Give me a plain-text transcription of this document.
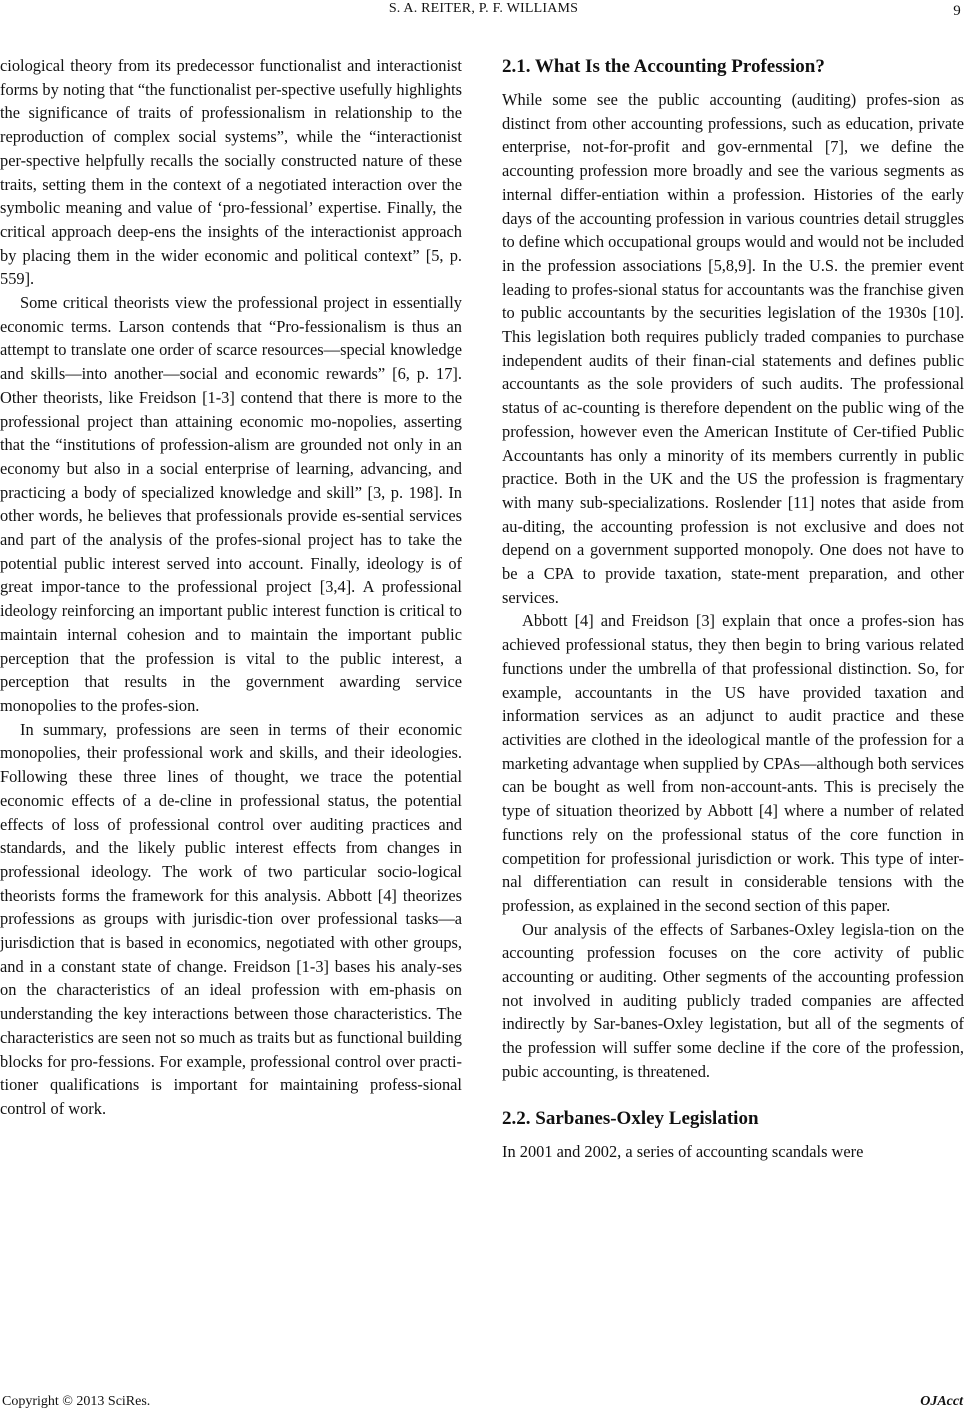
S. A. REITER, P. F. WILLIAMS	9

ciological theory from its predecessor functionalist and interactionist forms by noting that “the functionalist per-spective usefully highlights the significance of traits of professionalism in relationship to the reproduction of complex social systems”, while the “interactionist per-spective helpfully recalls the socially constructed nature of these traits, setting them in the context of a negotiated interaction over the symbolic meaning and value of ‘pro-fessional’ expertise. Finally, the critical approach deep-ens the insights of the interactionist approach by placing them in the wider economic and political context” [5, p. 559].

Some critical theorists view the professional project in essentially economic terms. Larson contends that “Pro-fessionalism is thus an attempt to translate one order of scarce resources—special knowledge and skills—into another—social and economic rewards” [6, p. 17]. Other theorists, like Freidson [1-3] contend that there is more to the professional project than attaining economic mo-nopolies, asserting that the “institutions of profession-alism are grounded not only in an economy but also in a social enterprise of learning, advancing, and practicing a body of specialized knowledge and skill” [3, p. 198]. In other words, he believes that professionals provide es-sential services and part of the analysis of the profes-sional project has to take the potential public interest served into account. Finally, ideology is of great impor-tance to the professional project [3,4]. A professional ideology reinforcing an important public interest function is critical to maintain internal cohesion and to maintain the important public perception that the profession is vital to the public interest, a perception that results in the government awarding service monopolies to the profes-sion.

In summary, professions are seen in terms of their economic monopolies, their professional work and skills, and their ideologies. Following these three lines of thought, we trace the potential economic effects of a de-cline in professional status, the potential effects of loss of professional control over auditing practices and standards, and the likely public interest effects from changes in professional ideology. The work of two particular socio-logical theorists forms the framework for this analysis. Abbott [4] theorizes professions as groups with jurisdic-tion over professional tasks—a jurisdiction that is based in economics, negotiated with other groups, and in a constant state of change. Freidson [1-3] bases his analy-ses on the characteristics of an ideal profession with em-phasis on understanding the key interactions between those characteristics. The characteristics are seen not so much as traits but as functional building blocks for pro-fessions. For example, professional control over practi-tioner qualifications is important for maintaining profess-sional control of work.

2.1. What Is the Accounting Profession?

While some see the public accounting (auditing) profes-sion as distinct from other accounting professions, such as education, private enterprise, not-for-profit and gov-ernmental [7], we define the accounting profession more broadly and see the various segments as internal differ-entiation within a profession. Histories of the early days of the accounting profession in various countries detail struggles to define which occupational groups would and would not be included in the profession associations [5,8,9]. In the U.S. the premier event leading to profes-sional status for accountants was the franchise given to public accountants by the securities legislation of the 1930s [10]. This legislation both requires publicly traded companies to purchase independent audits of their finan-cial statements and defines public accountants as the sole providers of such audits. The professional status of ac-counting is therefore dependent on the public wing of the profession, however even the American Institute of Cer-tified Public Accountants has only a minority of its members currently in public practice. Both in the UK and the US the profession is fragmentary with many sub-specializations. Roslender [11] notes that aside from au-diting, the accounting profession is not exclusive and does not depend on a government supported monopoly. One does not have to be a CPA to provide taxation, state-ment preparation, and other services.

Abbott [4] and Freidson [3] explain that once a profes-sion has achieved professional status, they then begin to bring various related functions under the umbrella of that professional distinction. So, for example, accountants in the US have provided taxation and information services as an adjunct to audit practice and these activities are clothed in the ideological mantle of the profession for a marketing advantage when supplied by CPAs—although both services can be bought as well from non-account-ants. This is precisely the type of situation theorized by Abbott [4] where a number of related functions rely on the professional status of the core function in competition for professional jurisdiction or work. This type of inter-nal differentiation can result in considerable tensions with the profession, as explained in the second section of this paper.

Our analysis of the effects of Sarbanes-Oxley legisla-tion on the accounting profession focuses on the core activity of public accounting or auditing. Other segments of the accounting profession not involved in auditing publicly traded companies are affected indirectly by Sar-banes-Oxley legistation, but all of the segments of the profession will suffer some decline if the core of the profession, pubic accounting, is threatened.

2.2. Sarbanes-Oxley Legislation

In 2001 and 2002, a series of accounting scandals were

Copyright © 2013 SciRes.	OJAcct
